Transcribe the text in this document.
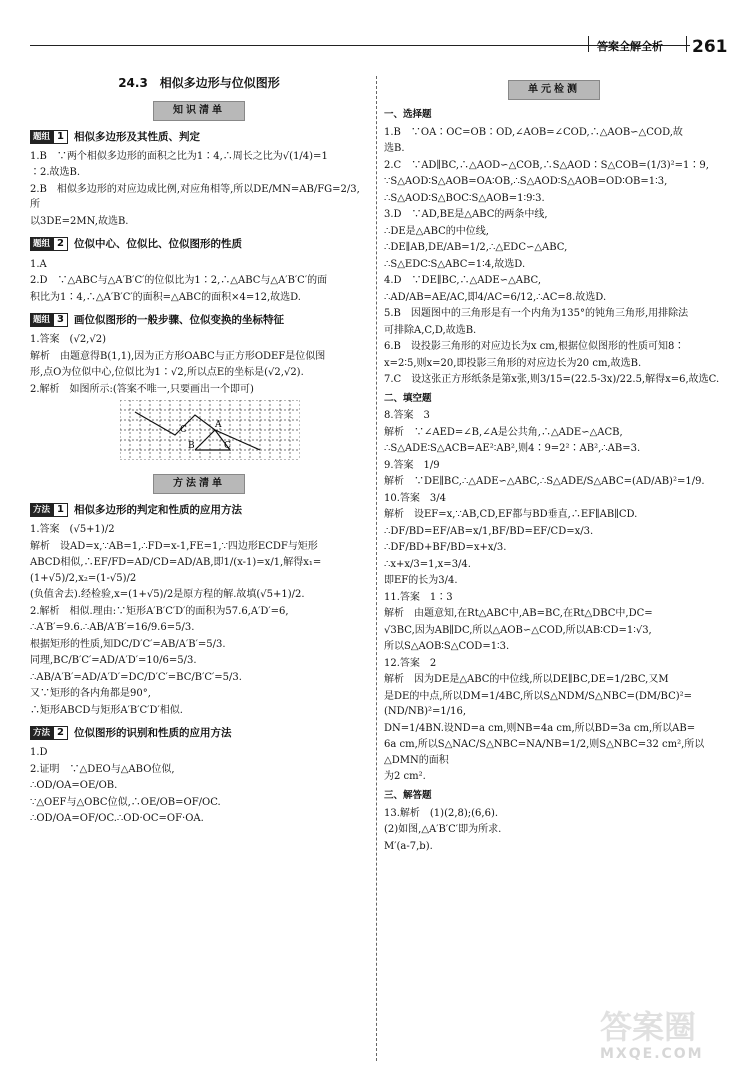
答案全解全析 261
24.3　相似多边形与位似图形
知识清单
题组 1 相似多边形及其性质、判定

1.B　∵两个相似多边形的面积之比为1∶4,∴周长之比为√(1/4)=1

∶2.故选B.

2.B　相似多边形的对应边成比例,对应角相等,所以DE/MN=AB/FG=2/3,所

以3DE=2MN,故选B.

题组 2 位似中心、位似比、位似图形的性质

1.A

2.D　∵△ABC与△A′B′C′的位似比为1∶2,∴△ABC与△A′B′C′的面

积比为1∶4,∴△A′B′C′的面积=△ABC的面积×4=12,故选D.

题组 3 画位似图形的一般步骤、位似变换的坐标特征

1.答案　(√2,√2)

解析　由题意得B(1,1),因为正方形OABC与正方形ODEF是位似图

形,点O为位似中心,位似比为1∶√2,所以点E的坐标是(√2,√2).

2.解析　如图所示:(答案不唯一,只要画出一个即可)

C	A
B	C
方法清单
方法 1 相似多边形的判定和性质的应用方法

1.答案　(√5+1)/2

解析　设AD=x,∵AB=1,∴FD=x-1,FE=1,∵四边形ECDF与矩形

ABCD相似,∴EF/FD=AD/CD=AD/AB,即1/(x-1)=x/1,解得x₁=(1+√5)/2,x₂=(1-√5)/2

(负值舍去).经检验,x=(1+√5)/2是原方程的解.故填(√5+1)/2.

2.解析　相似.理由:∵矩形A′B′C′D′的面积为57.6,A′D′=6,

∴A′B′=9.6.∴AB/A′B′=16/9.6=5/3.

根据矩形的性质,知DC/D′C′=AB/A′B′=5/3.

同理,BC/B′C′=AD/A′D′=10/6=5/3.

∴AB/A′B′=AD/A′D′=DC/D′C′=BC/B′C′=5/3.

又∵矩形的各内角都是90°,

∴矩形ABCD与矩形A′B′C′D′相似.

方法 2 位似图形的识别和性质的应用方法

1.D

2.证明　∵△DEO与△ABO位似,

∴OD/OA=OE/OB.

∵△OEF与△OBC位似,∴OE/OB=OF/OC.

∴OD/OA=OF/OC.∴OD·OC=OF·OA.

单元检测
一、选择题

1.B　∵OA∶OC=OB∶OD,∠AOB=∠COD,∴△AOB∽△COD,故

选B.

2.C　∵AD∥BC,∴△AOD∽△COB,∴S△AOD∶S△COB=(1/3)²=1∶9,

∵S△AOD∶S△AOB=OA∶OB,∴S△AOD∶S△AOB=OD∶OB=1∶3,

∴S△AOD∶S△BOC∶S△AOB=1∶9∶3.

3.D　∵AD,BE是△ABC的两条中线,

∴DE是△ABC的中位线,

∴DE∥AB,DE/AB=1/2,∴△EDC∽△ABC,

∴S△EDC∶S△ABC=1∶4,故选D.

4.D　∵DE∥BC,∴△ADE∽△ABC,

∴AD/AB=AE/AC,即4/AC=6/12,∴AC=8.故选D.

5.B　因题图中的三角形是有一个内角为135°的钝角三角形,用排除法

可排除A,C,D,故选B.

6.B　设投影三角形的对应边长为x cm,根据位似图形的性质可知8∶

x=2∶5,则x=20,即投影三角形的对应边长为20 cm,故选B.

7.C　设这张正方形纸条是第x张,则3/15=(22.5-3x)/22.5,解得x=6,故选C.

二、填空题

8.答案　3

解析　∵∠AED=∠B,∠A是公共角,∴△ADE∽△ACB,

∴S△ADE∶S△ACB=AE²∶AB²,则4∶9=2²∶AB²,∴AB=3.

9.答案　1/9

解析　∵DE∥BC,∴△ADE∽△ABC,∴S△ADE/S△ABC=(AD/AB)²=1/9.

10.答案　3/4

解析　设EF=x,∵AB,CD,EF都与BD垂直,∴EF∥AB∥CD.

∴DF/BD=EF/AB=x/1,BF/BD=EF/CD=x/3.

∴DF/BD+BF/BD=x+x/3.

∴x+x/3=1,x=3/4.

即EF的长为3/4.

11.答案　1∶3

解析　由题意知,在Rt△ABC中,AB=BC,在Rt△DBC中,DC=

√3BC,因为AB∥DC,所以△AOB∽△COD,所以AB∶CD=1∶√3,

所以S△AOB∶S△COD=1∶3.

12.答案　2

解析　因为DE是△ABC的中位线,所以DE∥BC,DE=1/2BC,又M

是DE的中点,所以DM=1/4BC,所以S△NDM/S△NBC=(DM/BC)²=(ND/NB)²=1/16,

DN=1/4BN.设ND=a cm,则NB=4a cm,所以BD=3a cm,所以AB=

6a cm,所以S△NAC/S△NBC=NA/NB=1/2,则S△NBC=32 cm²,所以△DMN的面积

为2 cm².

三、解答题

13.解析　(1)(2,8);(6,6).

(2)如图,△A′B′C′即为所求.

M′(a-7,b).

答案圈
MXQE.COM
